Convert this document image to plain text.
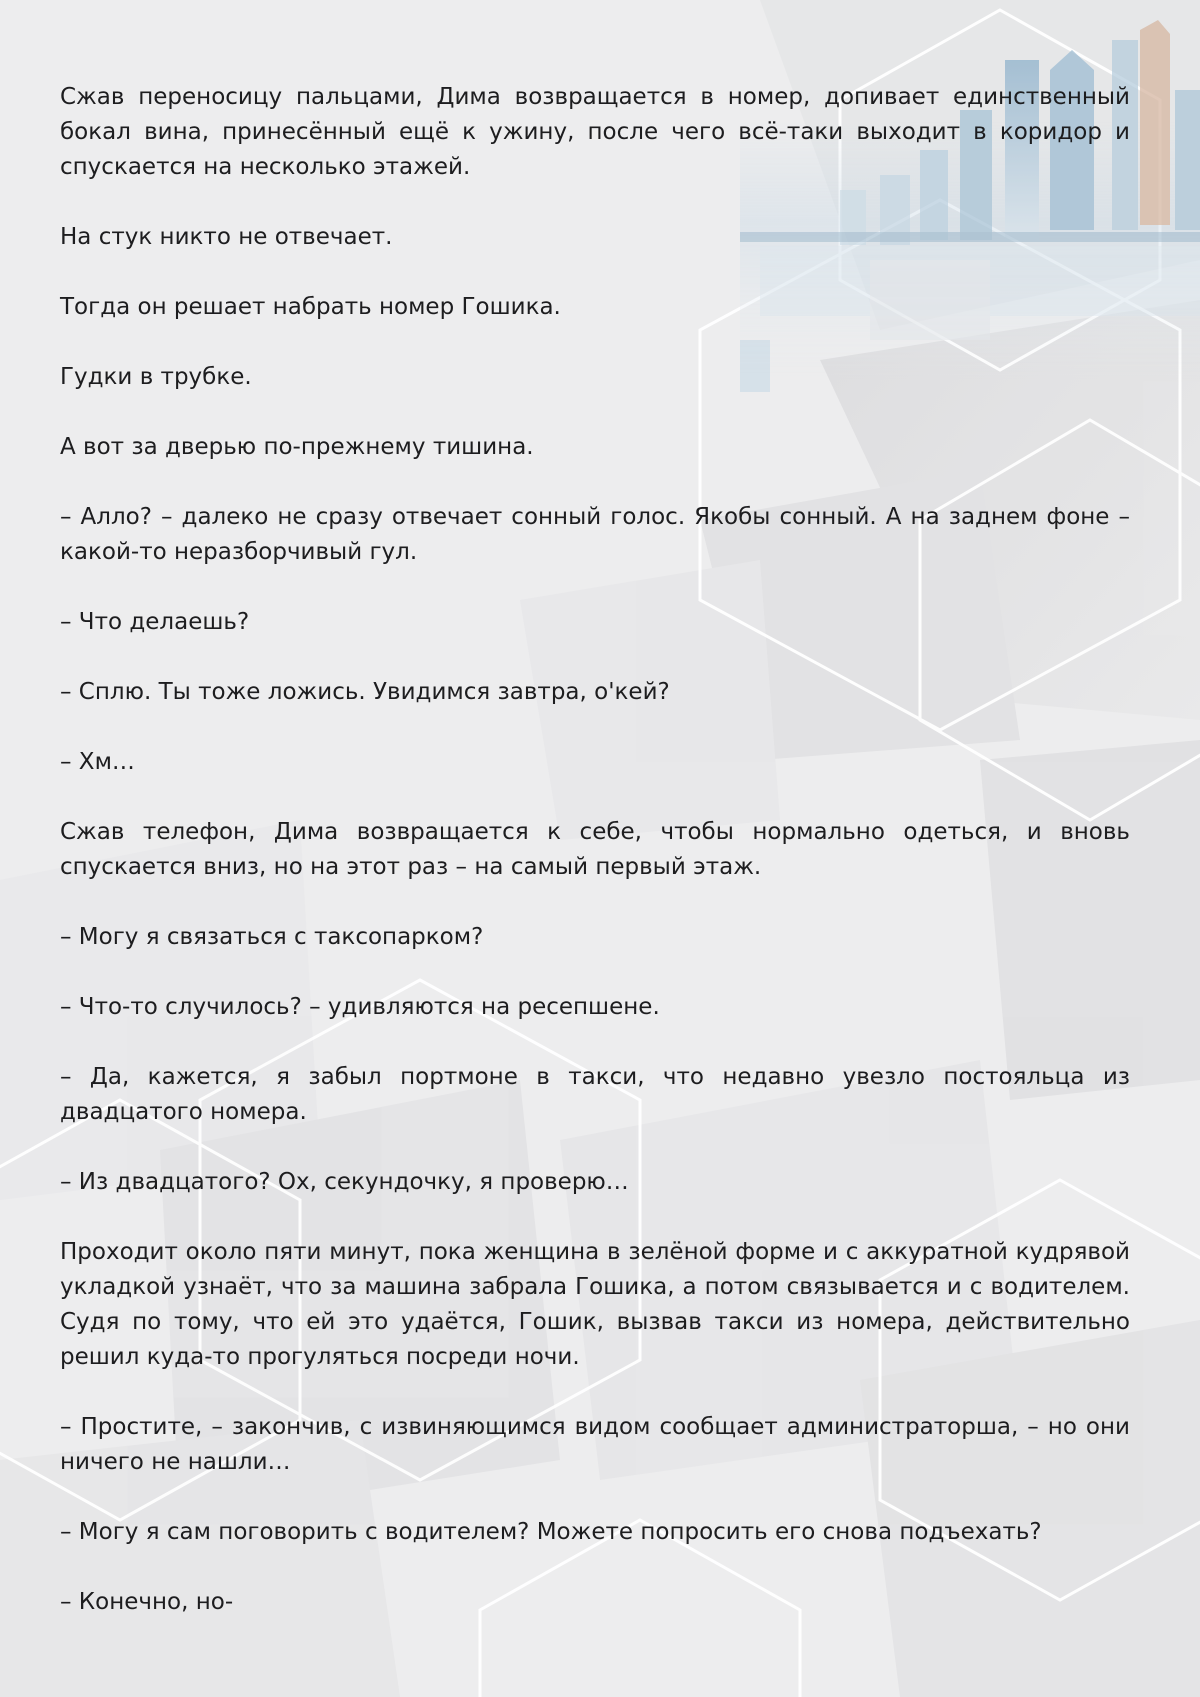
Сжав переносицу пальцами, Дима возвращается в номер, допивает единственный бокал вина, принесённый ещё к ужину, после чего всё-таки выходит в коридор и спускается на несколько этажей.

На стук никто не отвечает.

Тогда он решает набрать номер Гошика.

Гудки в трубке.

А вот за дверью по-прежнему тишина.

– Алло? – далеко не сразу отвечает сонный голос. Якобы сонный. А на заднем фоне – какой-то неразборчивый гул.

– Что делаешь?

– Сплю. Ты тоже ложись. Увидимся завтра, о'кей?

– Хм…

Сжав телефон, Дима возвращается к себе, чтобы нормально одеться, и вновь спускается вниз, но на этот раз – на самый первый этаж.

– Могу я связаться с таксопарком?

– Что-то случилось? – удивляются на ресепшене.

– Да, кажется, я забыл портмоне в такси, что недавно увезло постояльца из двадцатого номера.

– Из двадцатого? Ох, секундочку, я проверю…

Проходит около пяти минут, пока женщина в зелёной форме и с аккуратной кудрявой укладкой узнаёт, что за машина забрала Гошика, а потом связывается и с водителем. Судя по тому, что ей это удаётся, Гошик, вызвав такси из номера, действительно решил куда-то прогуляться посреди ночи.

– Простите, – закончив, с извиняющимся видом сообщает администраторша, – но они ничего не нашли…

– Могу я сам поговорить с водителем? Можете попросить его снова подъехать?

– Конечно, но-
